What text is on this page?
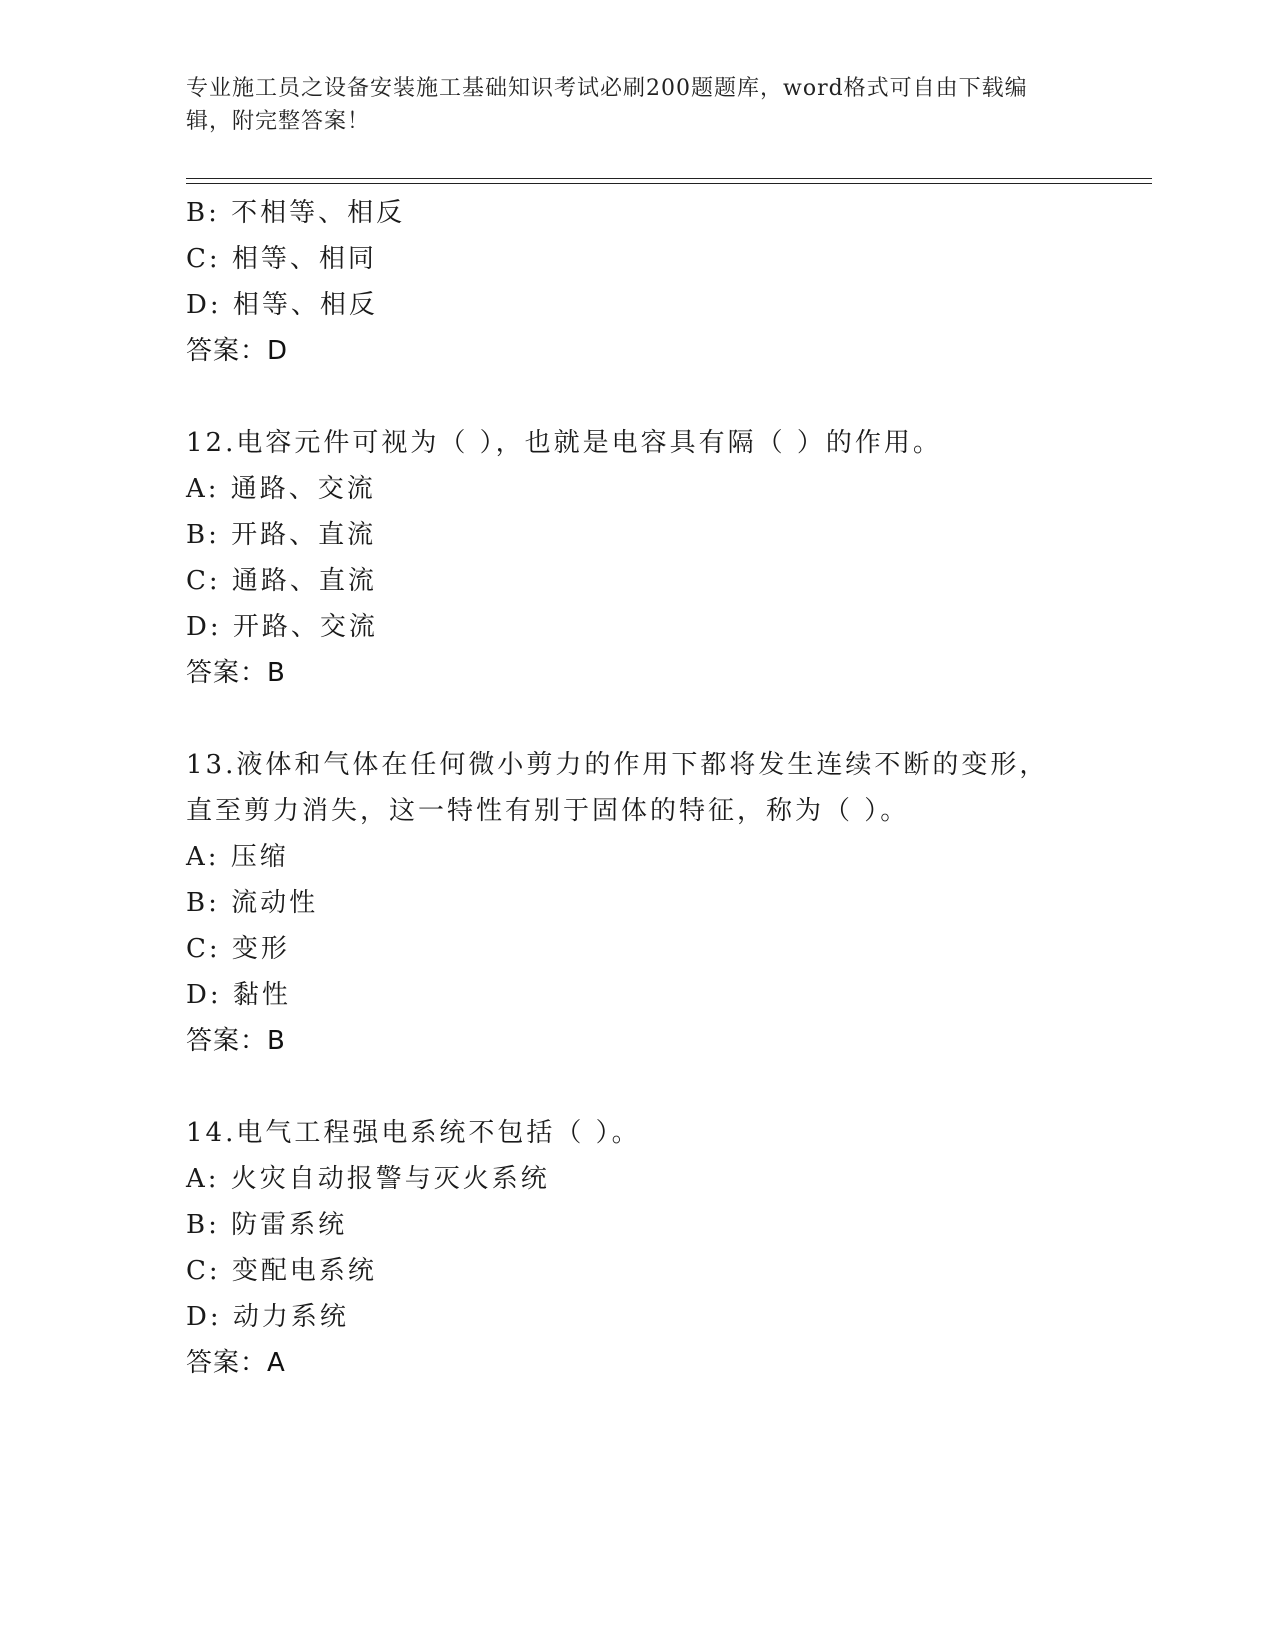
专业施工员之设备安装施工基础知识考试必刷200题题库，word格式可自由下载编辑，附完整答案！
B: 不相等、相反
C: 相等、相同
D: 相等、相反
答案：D
12.电容元件可视为（ ），也就是电容具有隔（ ）的作用。
A: 通路、交流
B: 开路、直流
C: 通路、直流
D: 开路、交流
答案：B
13.液体和气体在任何微小剪力的作用下都将发生连续不断的变形，直至剪力消失，这一特性有别于固体的特征，称为（ ）。
A: 压缩
B: 流动性
C: 变形
D: 黏性
答案：B
14.电气工程强电系统不包括（ ）。
A: 火灾自动报警与灭火系统
B: 防雷系统
C: 变配电系统
D: 动力系统
答案：A
